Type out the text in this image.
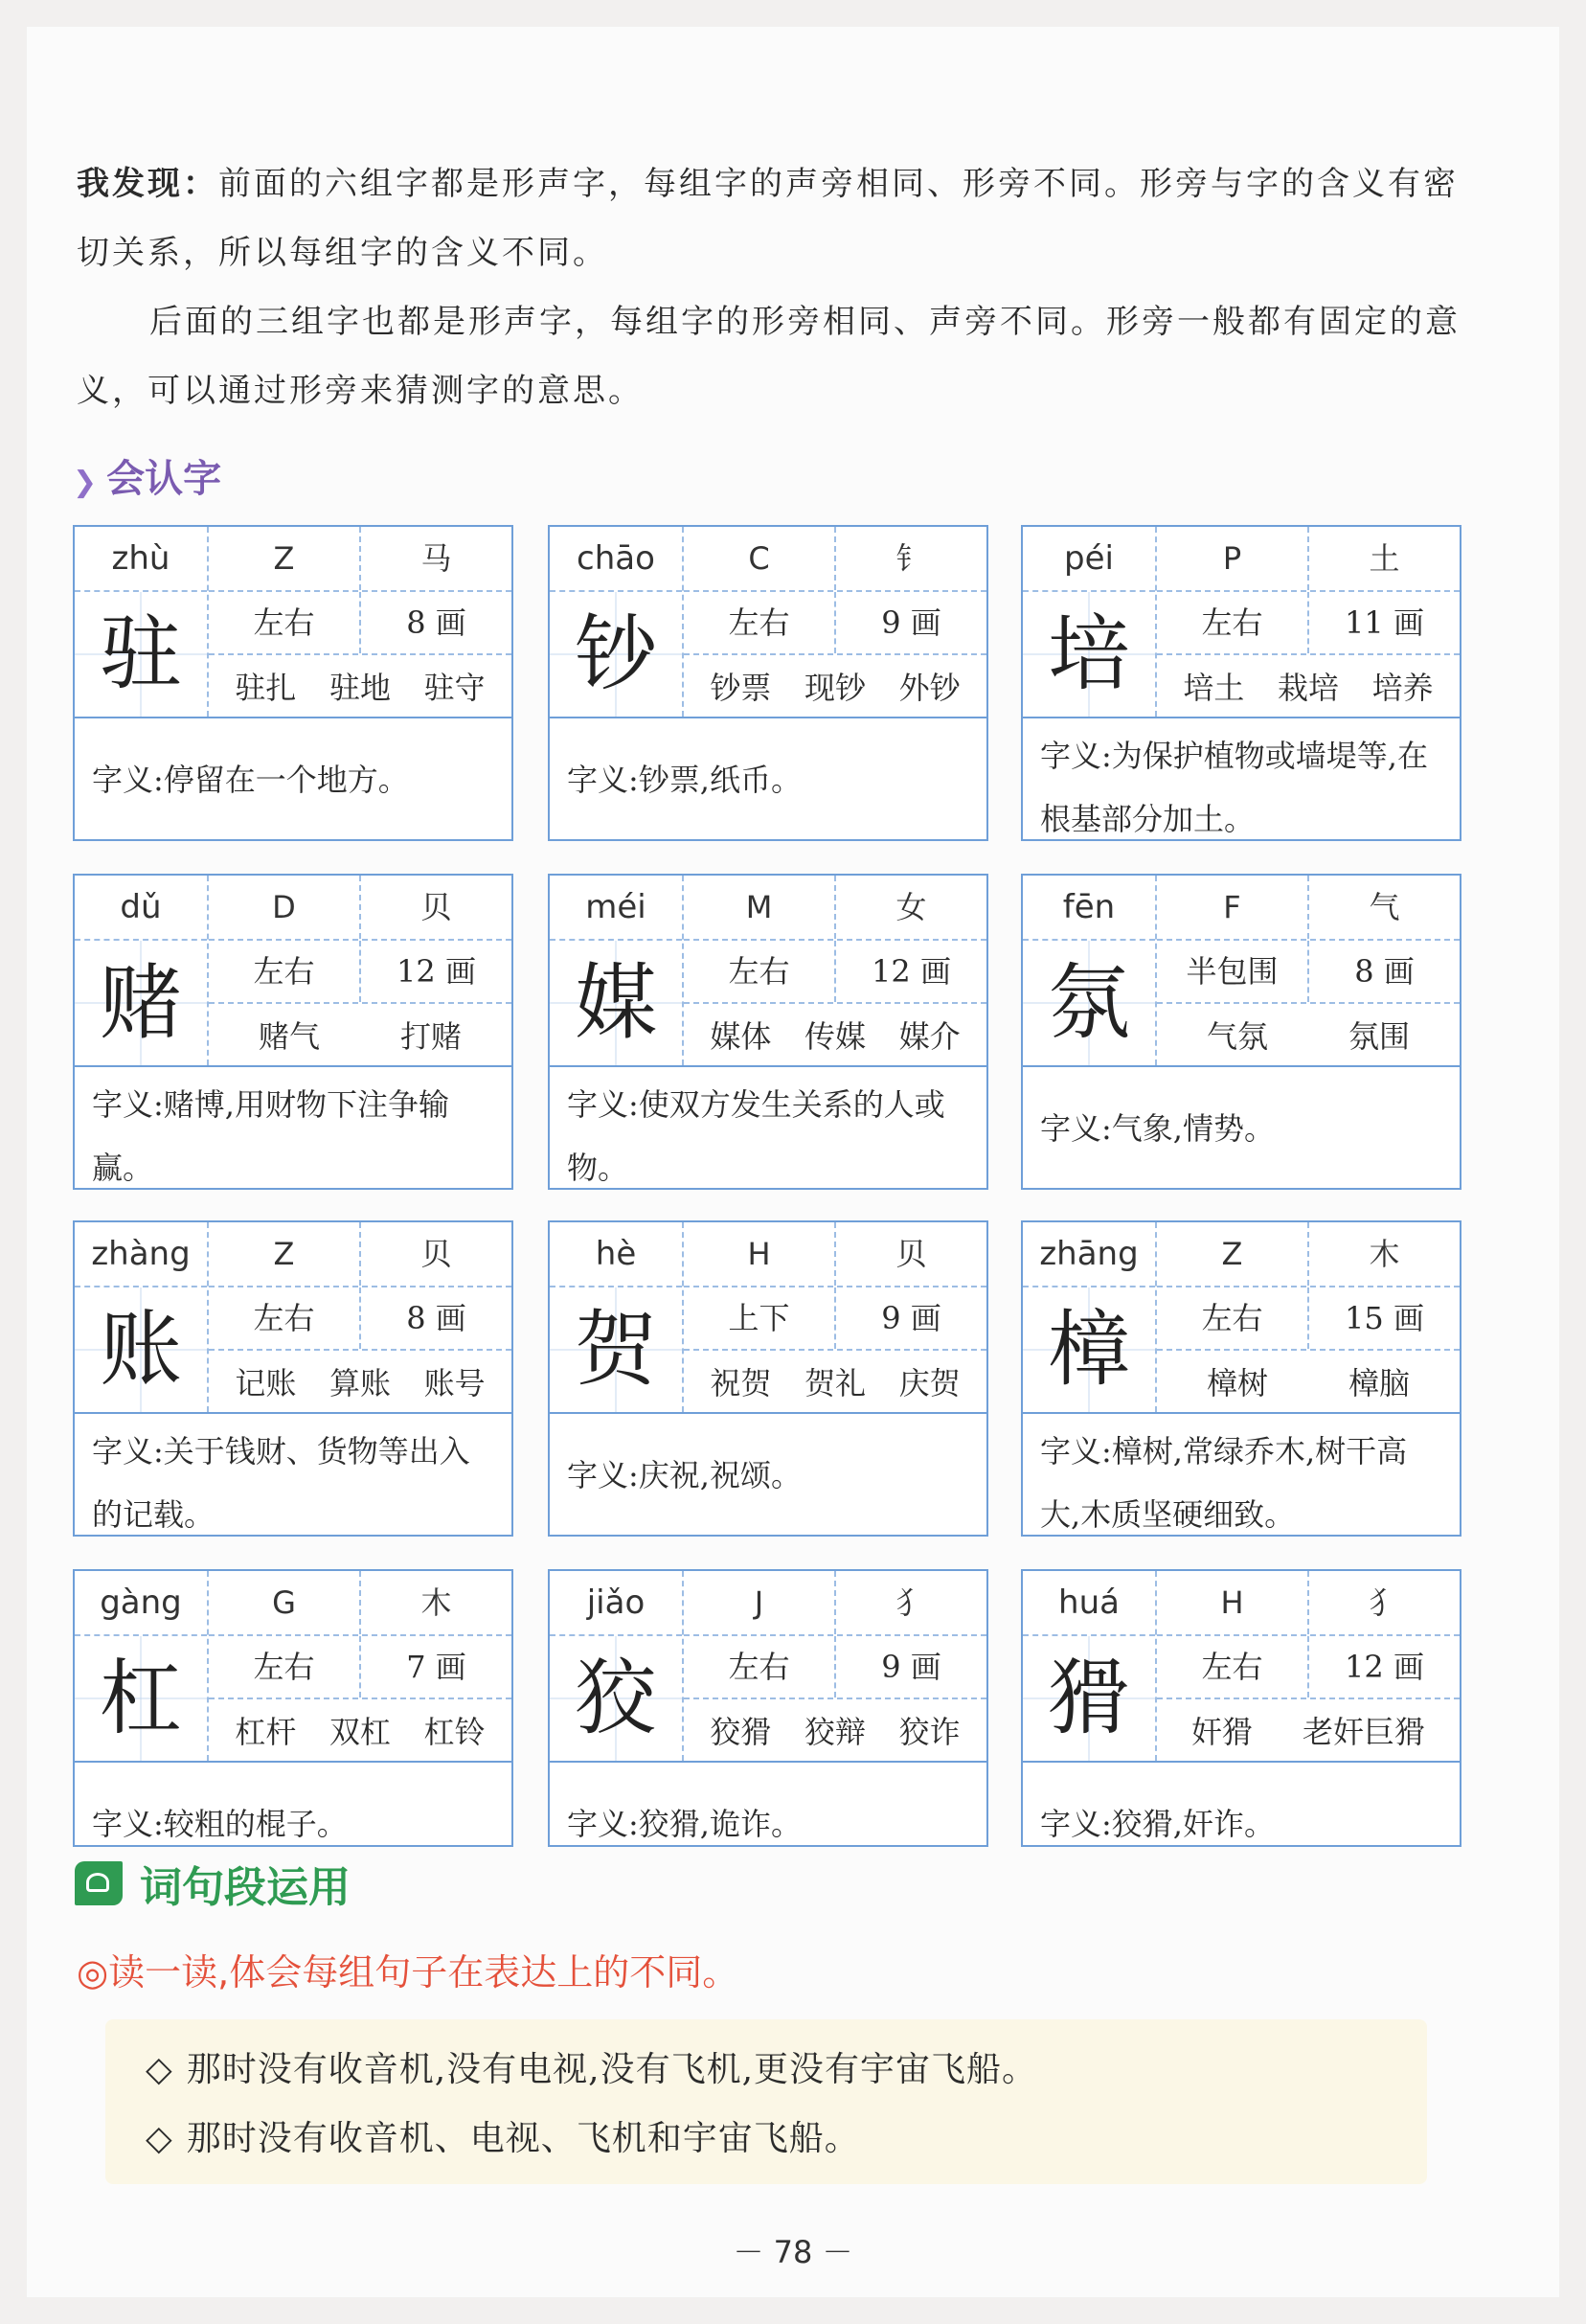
我发现：前面的六组字都是形声字，每组字的声旁相同、形旁不同。形旁与字的含义有密切关系，所以每组字的含义不同。

后面的三组字也都是形声字，每组字的形旁相同、声旁不同。形旁一般都有固定的意义，可以通过形旁来猜测字的意思。

❯ 会认字
zhù
驻
Z	马
左右	8 画
驻扎 驻地 驻守
字义:停留在一个地方。
chāo
钞
C	钅
左右	9 画
钞票 现钞 外钞
字义:钞票,纸币。
péi
培
P	土
左右	11 画
培土 栽培 培养
字义:为保护植物或墙堤等,在根基部分加土。
dǔ
赌
D	贝
左右	12 画
赌气	打赌
字义:赌博,用财物下注争输赢。
méi
媒
M	女
左右	12 画
媒体 传媒 媒介
字义:使双方发生关系的人或物。
fēn
氛
F	气
半包围	8 画
气氛	氛围
字义:气象,情势。
zhàng
账
Z	贝
左右	8 画
记账 算账 账号
字义:关于钱财、货物等出入的记载。
hè
贺
H	贝
上下	9 画
祝贺 贺礼 庆贺
字义:庆祝,祝颂。
zhāng
樟
Z	木
左右	15 画
樟树	樟脑
字义:樟树,常绿乔木,树干高大,木质坚硬细致。
gàng
杠
G	木
左右	7 画
杠杆 双杠 杠铃
字义:较粗的棍子。
jiǎo
狡
J	犭
左右	9 画
狡猾 狡辩 狡诈
字义:狡猾,诡诈。
huá
猾
H	犭
左右	12 画
奸猾 老奸巨猾
字义:狡猾,奸诈。
词句段运用
◎读一读,体会每组句子在表达上的不同。
◇ 那时没有收音机,没有电视,没有飞机,更没有宇宙飞船。
◇ 那时没有收音机、电视、飞机和宇宙飞船。
－ 78 －
